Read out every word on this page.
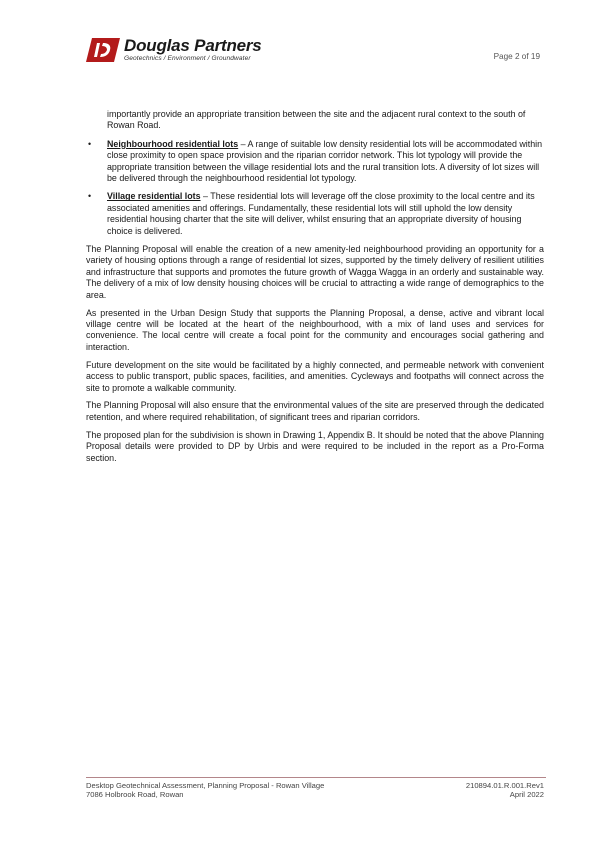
Douglas Partners
Geotechnics / Environment / Groundwater	Page 2 of 19

importantly provide an appropriate transition between the site and the adjacent rural context to the south of Rowan Road.

• Neighbourhood residential lots – A range of suitable low density residential lots will be accommodated within close proximity to open space provision and the riparian corridor network. This lot typology will provide the appropriate transition between the village residential lots and the rural transition lots. A diversity of lot sizes will be delivered through the neighbourhood residential lot typology.
• Village residential lots – These residential lots will leverage off the close proximity to the local centre and its associated amenities and offerings. Fundamentally, these residential lots will still uphold the low density residential housing charter that the site will deliver, whilst ensuring that an appropriate diversity of housing choice is delivered.

The Planning Proposal will enable the creation of a new amenity-led neighbourhood providing an opportunity for a variety of housing options through a range of residential lot sizes, supported by the timely delivery of resilient utilities and infrastructure that supports and promotes the future growth of Wagga Wagga in an orderly and sustainable way. The delivery of a mix of low density housing choices will be crucial to attracting a wide range of demographics to the area.

As presented in the Urban Design Study that supports the Planning Proposal, a dense, active and vibrant local village centre will be located at the heart of the neighbourhood, with a mix of land uses and services for convenience. The local centre will create a focal point for the community and encourages social gathering and interaction.

Future development on the site would be facilitated by a highly connected, and permeable network with convenient access to public transport, public spaces, facilities, and amenities. Cycleways and footpaths will connect across the site to promote a walkable community.

The Planning Proposal will also ensure that the environmental values of the site are preserved through the dedicated retention, and where required rehabilitation, of significant trees and riparian corridors.

The proposed plan for the subdivision is shown in Drawing 1, Appendix B. It should be noted that the above Planning Proposal details were provided to DP by Urbis and were required to be included in the report as a Pro-Forma section.

Desktop Geotechnical Assessment, Planning Proposal - Rowan Village
7086 Holbrook Road, Rowan
210894.01.R.001.Rev1
April 2022
